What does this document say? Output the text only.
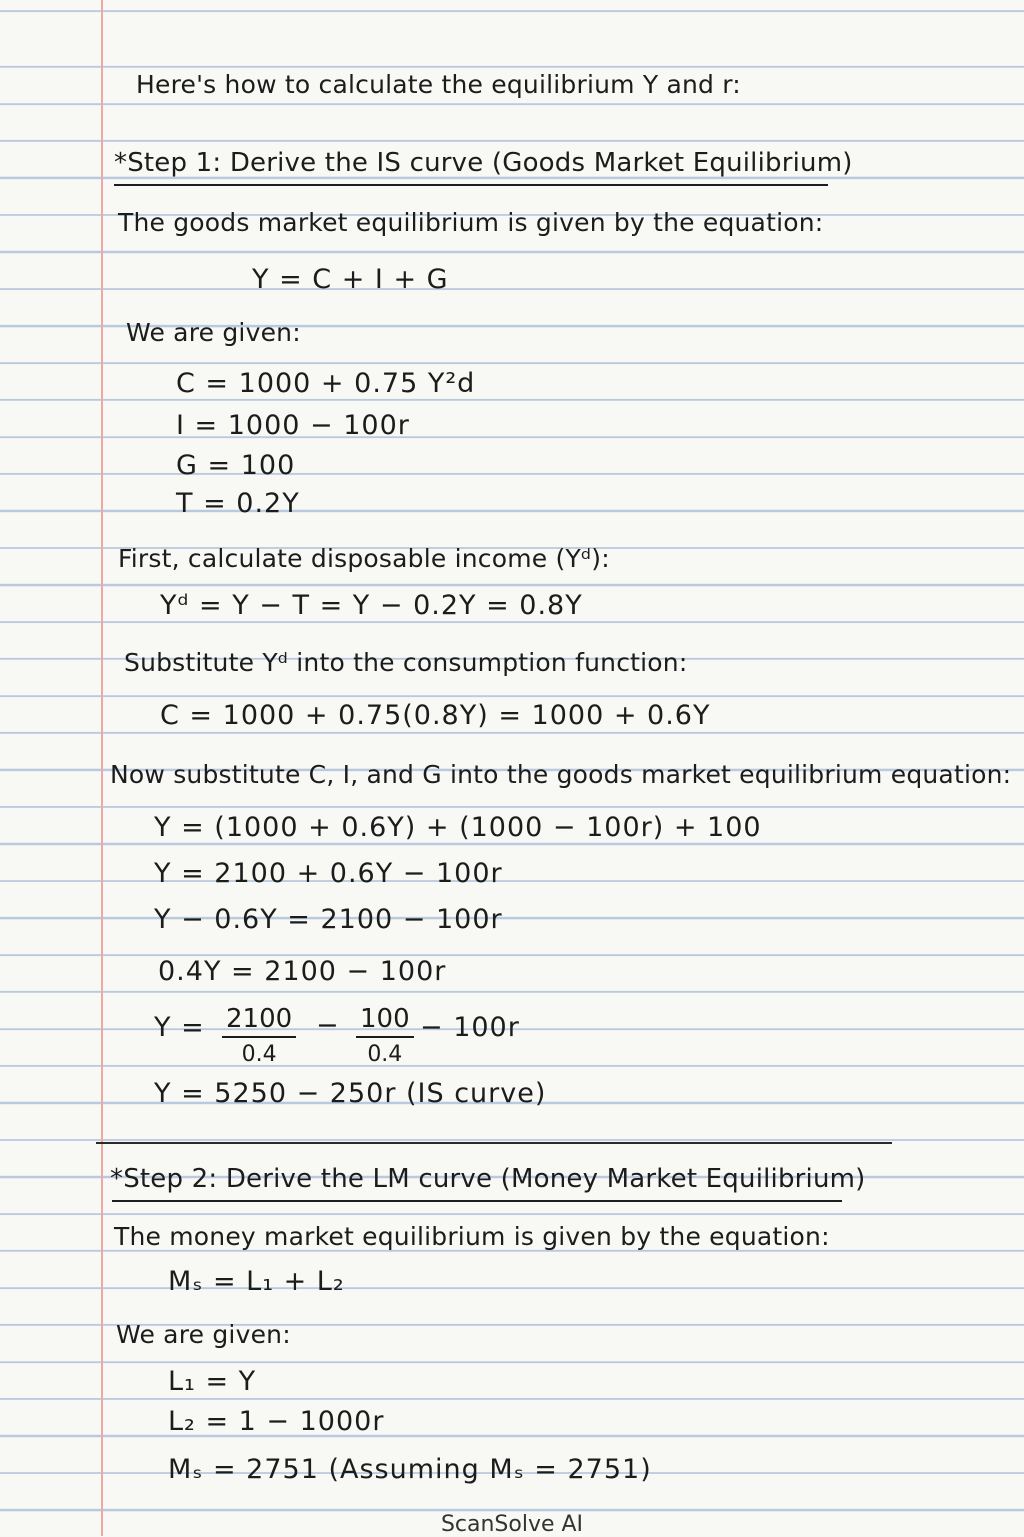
Here's how to calculate the equilibrium Y and r:
*Step 1: Derive the IS curve (Goods Market Equilibrium)
The goods market equilibrium is given by the equation:
Y = C + I + G
We are given:
C = 1000 + 0.75 Y²d
I = 1000 − 100r
G = 100
T = 0.2Y
First, calculate disposable income (Yᵈ):
Yᵈ = Y − T = Y − 0.2Y = 0.8Y
Substitute Yᵈ into the consumption function:
C = 1000 + 0.75(0.8Y) = 1000 + 0.6Y
Now substitute C, I, and G into the goods market equilibrium equation:
Y = (1000 + 0.6Y) + (1000 − 100r) + 100
Y = 2100 + 0.6Y − 100r
Y − 0.6Y = 2100 − 100r
0.4Y = 2100 − 100r
Y = 2100
0.4
− 100
0.4
− 100r
Y = 5250 − 250r (IS curve)
*Step 2: Derive the LM curve (Money Market Equilibrium)
The money market equilibrium is given by the equation:
Mₛ = L₁ + L₂
We are given:
L₁ = Y
L₂ = 1 − 1000r
Mₛ = 2751 (Assuming Mₛ = 2751)
ScanSolve AI
